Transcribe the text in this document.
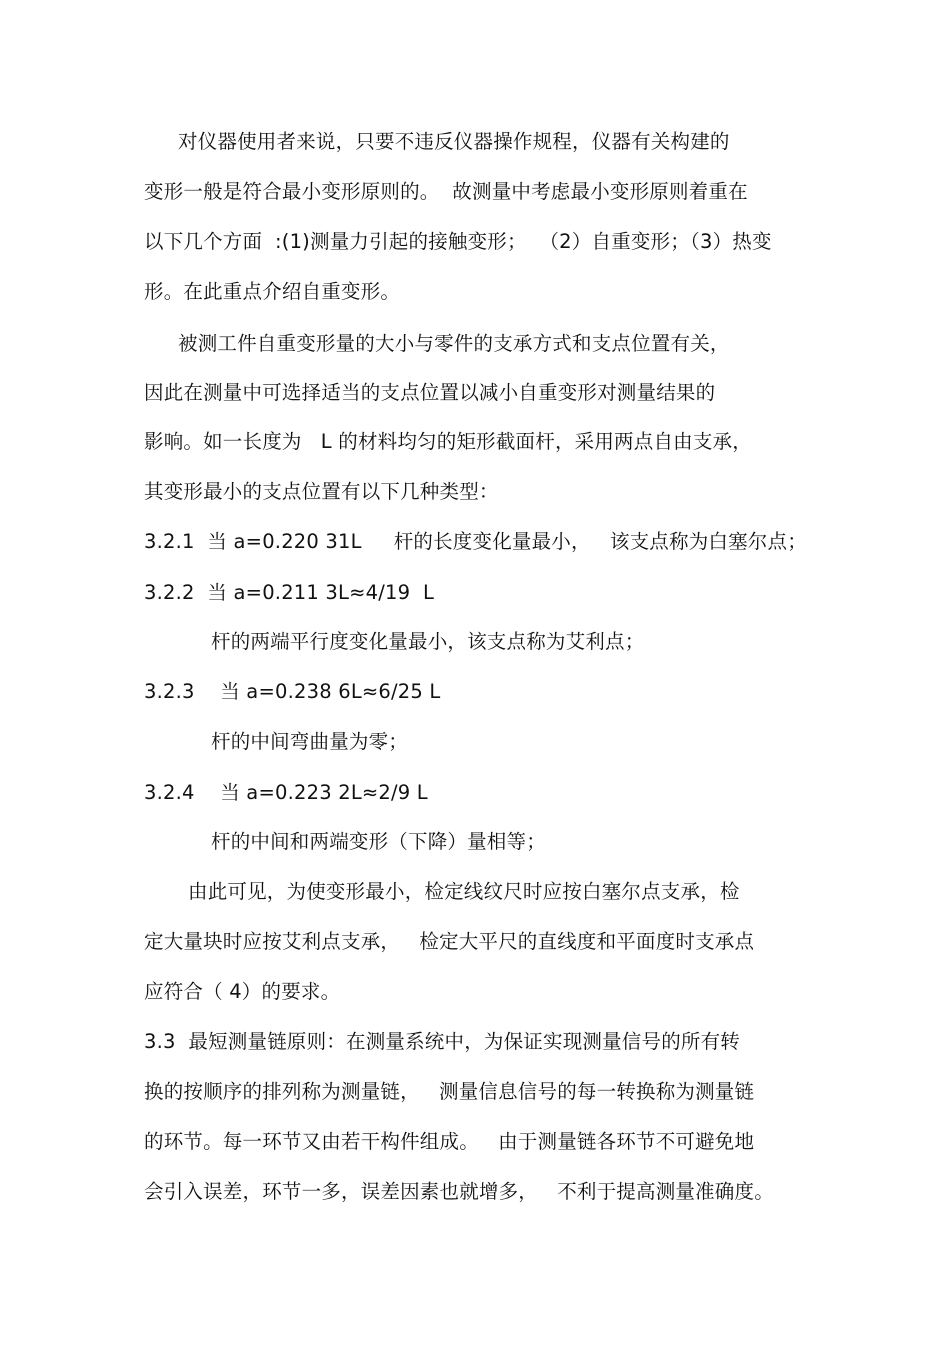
对仪器使用者来说，只要不违反仪器操作规程，仪器有关构建的
变形一般是符合最小变形原则的。  故测量中考虑最小变形原则着重在
以下几个方面  :(1)测量力引起的接触变形；  （2）自重变形；（3）热变
形。在此重点介绍自重变形。
被测工件自重变形量的大小与零件的支承方式和支点位置有关，
因此在测量中可选择适当的支点位置以减小自重变形对测量结果的
影响。如一长度为   L 的材料均匀的矩形截面杆，采用两点自由支承，
其变形最小的支点位置有以下几种类型：
3.2.1  当 a=0.220 31L     杆的长度变化量最小，   该支点称为白塞尔点；
3.2.2  当 a=0.211 3L≈4/19  L
杆的两端平行度变化量最小，该支点称为艾利点；
3.2.3    当 a=0.238 6L≈6/25 L
杆的中间弯曲量为零；
3.2.4    当 a=0.223 2L≈2/9 L
杆的中间和两端变形（下降）量相等；
由此可见，为使变形最小，检定线纹尺时应按白塞尔点支承，检
定大量块时应按艾利点支承，   检定大平尺的直线度和平面度时支承点
应符合（ 4）的要求。
3.3  最短测量链原则：在测量系统中，为保证实现测量信号的所有转
换的按顺序的排列称为测量链，   测量信息信号的每一转换称为测量链
的环节。每一环节又由若干构件组成。   由于测量链各环节不可避免地
会引入误差，环节一多，误差因素也就增多，   不利于提高测量准确度。
